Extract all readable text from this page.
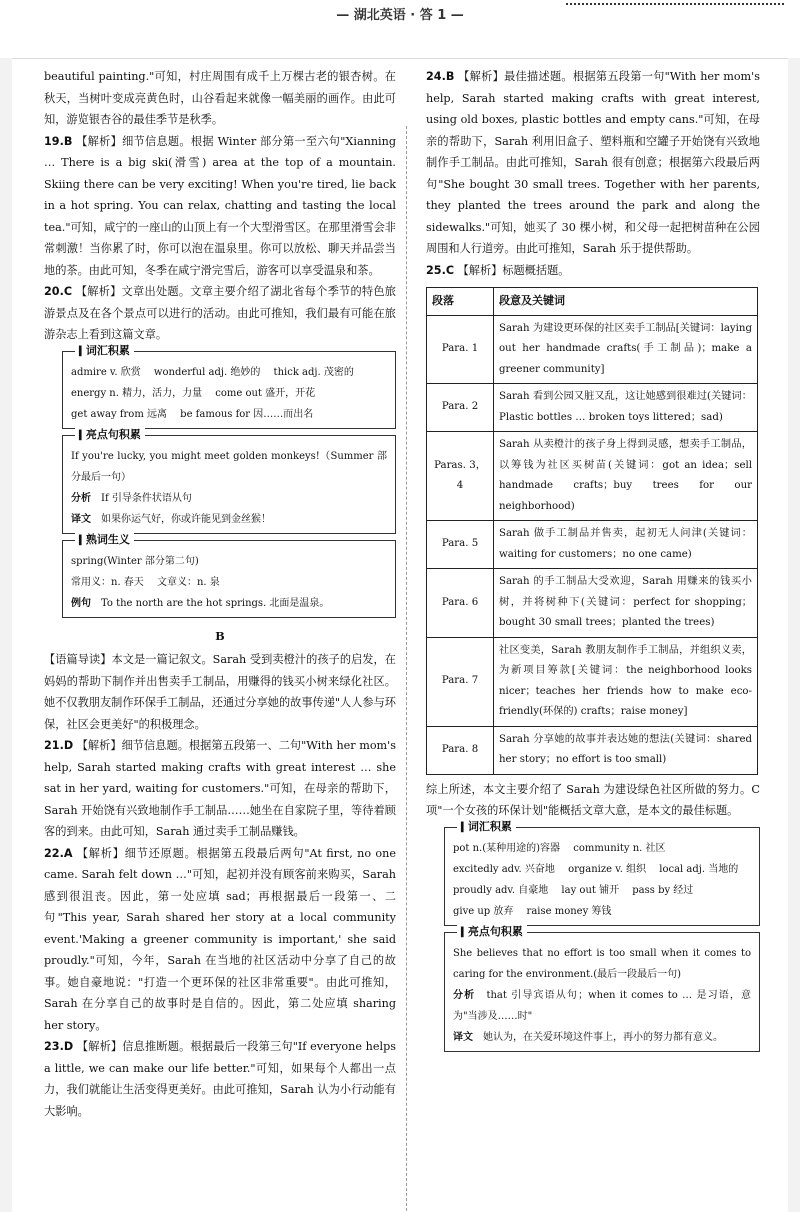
— 湖北英语 · 答 1 —

beautiful painting."可知，村庄周围有成千上万棵古老的银杏树。在秋天，当树叶变成亮黄色时，山谷看起来就像一幅美丽的画作。由此可知，游览银杏谷的最佳季节是秋季。

19.B 【解析】细节信息题。根据 Winter 部分第一至六句"Xianning … There is a big ski(滑雪) area at the top of a mountain. Skiing there can be very exciting! When you're tired, lie back in a hot spring. You can relax, chatting and tasting the local tea."可知，咸宁的一座山的山顶上有一个大型滑雪区。在那里滑雪会非常刺激！当你累了时，你可以泡在温泉里。你可以放松、聊天并品尝当地的茶。由此可知，冬季在咸宁滑完雪后，游客可以享受温泉和茶。

20.C 【解析】文章出处题。文章主要介绍了湖北省每个季节的特色旅游景点及在各个景点可以进行的活动。由此可推知，我们最有可能在旅游杂志上看到这篇文章。

▍ 词汇积累
admire v. 欣赏　 wonderful adj. 绝妙的　 thick adj. 茂密的
energy n. 精力，活力，力量　 come out 盛开，开花
get away from 远离　 be famous for 因……而出名
▍ 亮点句积累
If you're lucky, you might meet golden monkeys!（Summer 部分最后一句）
分析　 If 引导条件状语从句
译文　 如果你运气好，你或许能见到金丝猴！
▍ 熟词生义
spring(Winter 部分第二句)
常用义：n. 春天　 文章义：n. 泉
例句　 To the north are the hot springs. 北面是温泉。
B

【语篇导读】本文是一篇记叙文。Sarah 受到卖橙汁的孩子的启发，在妈妈的帮助下制作并出售卖手工制品，用赚得的钱买小树来绿化社区。她不仅教朋友制作环保手工制品，还通过分享她的故事传递"人人参与环保，社区会更美好"的积极理念。

21.D 【解析】细节信息题。根据第五段第一、二句"With her mom's help, Sarah started making crafts with great interest … she sat in her yard, waiting for customers."可知，在母亲的帮助下，Sarah 开始饶有兴致地制作手工制品……她坐在自家院子里，等待着顾客的到来。由此可知，Sarah 通过卖手工制品赚钱。

22.A 【解析】细节还原题。根据第五段最后两句"At first, no one came. Sarah felt down …"可知，起初并没有顾客前来购买，Sarah 感到很沮丧。因此，第一处应填 sad；再根据最后一段第一、二句"This year, Sarah shared her story at a local community event.'Making a greener community is important,' she said proudly."可知，今年，Sarah 在当地的社区活动中分享了自己的故事。她自豪地说："打造一个更环保的社区非常重要"。由此可推知，Sarah 在分享自己的故事时是自信的。因此，第二处应填 sharing her story。

23.D 【解析】信息推断题。根据最后一段第三句"If everyone helps a little, we can make our life better."可知，如果每个人都出一点力，我们就能让生活变得更美好。由此可推知，Sarah 认为小行动能有大影响。

24.B 【解析】最佳描述题。根据第五段第一句"With her mom's help, Sarah started making crafts with great interest, using old boxes, plastic bottles and empty cans."可知，在母亲的帮助下，Sarah 利用旧盒子、塑料瓶和空罐子开始饶有兴致地制作手工制品。由此可推知，Sarah 很有创意；根据第六段最后两句"She bought 30 small trees. Together with her parents, they planted the trees around the park and along the sidewalks."可知，她买了 30 棵小树，和父母一起把树苗种在公园周围和人行道旁。由此可推知，Sarah 乐于提供帮助。

25.C 【解析】标题概括题。

段落	段意及关键词
Para. 1	Sarah 为建设更环保的社区卖手工制品[关键词：laying out her handmade crafts(手工制品)；make a greener community]
Para. 2	Sarah 看到公园又脏又乱，这让她感到很难过(关键词：Plastic bottles … broken toys littered；sad)
Paras. 3，4	Sarah 从卖橙汁的孩子身上得到灵感，想卖手工制品，以筹钱为社区买树苗(关键词：got an idea；sell handmade crafts；buy trees for our neighborhood)
Para. 5	Sarah 做手工制品并售卖，起初无人问津(关键词：waiting for customers；no one came)
Para. 6	Sarah 的手工制品大受欢迎，Sarah 用赚来的钱买小树，并将树种下(关键词：perfect for shopping；bought 30 small trees；planted the trees)
Para. 7	社区变美，Sarah 教朋友制作手工制品，并组织义卖，为新项目筹款[关键词：the neighborhood looks nicer；teaches her friends how to make eco-friendly(环保的) crafts；raise money]
Para. 8	Sarah 分享她的故事并表达她的想法(关键词：shared her story；no effort is too small)

综上所述，本文主要介绍了 Sarah 为建设绿色社区所做的努力。C 项"一个女孩的环保计划"能概括文章大意，是本文的最佳标题。

▍ 词汇积累
pot n.(某种用途的)容器　 community n. 社区
excitedly adv. 兴奋地　 organize v. 组织　 local adj. 当地的
proudly adv. 自豪地　 lay out 铺开　 pass by 经过
give up 放弃　 raise money 筹钱
▍ 亮点句积累
She believes that no effort is too small when it comes to caring for the environment.(最后一段最后一句)
分析　 that 引导宾语从句；when it comes to … 是习语，意为"当涉及……时"
译文　 她认为，在关爱环境这件事上，再小的努力都有意义。
